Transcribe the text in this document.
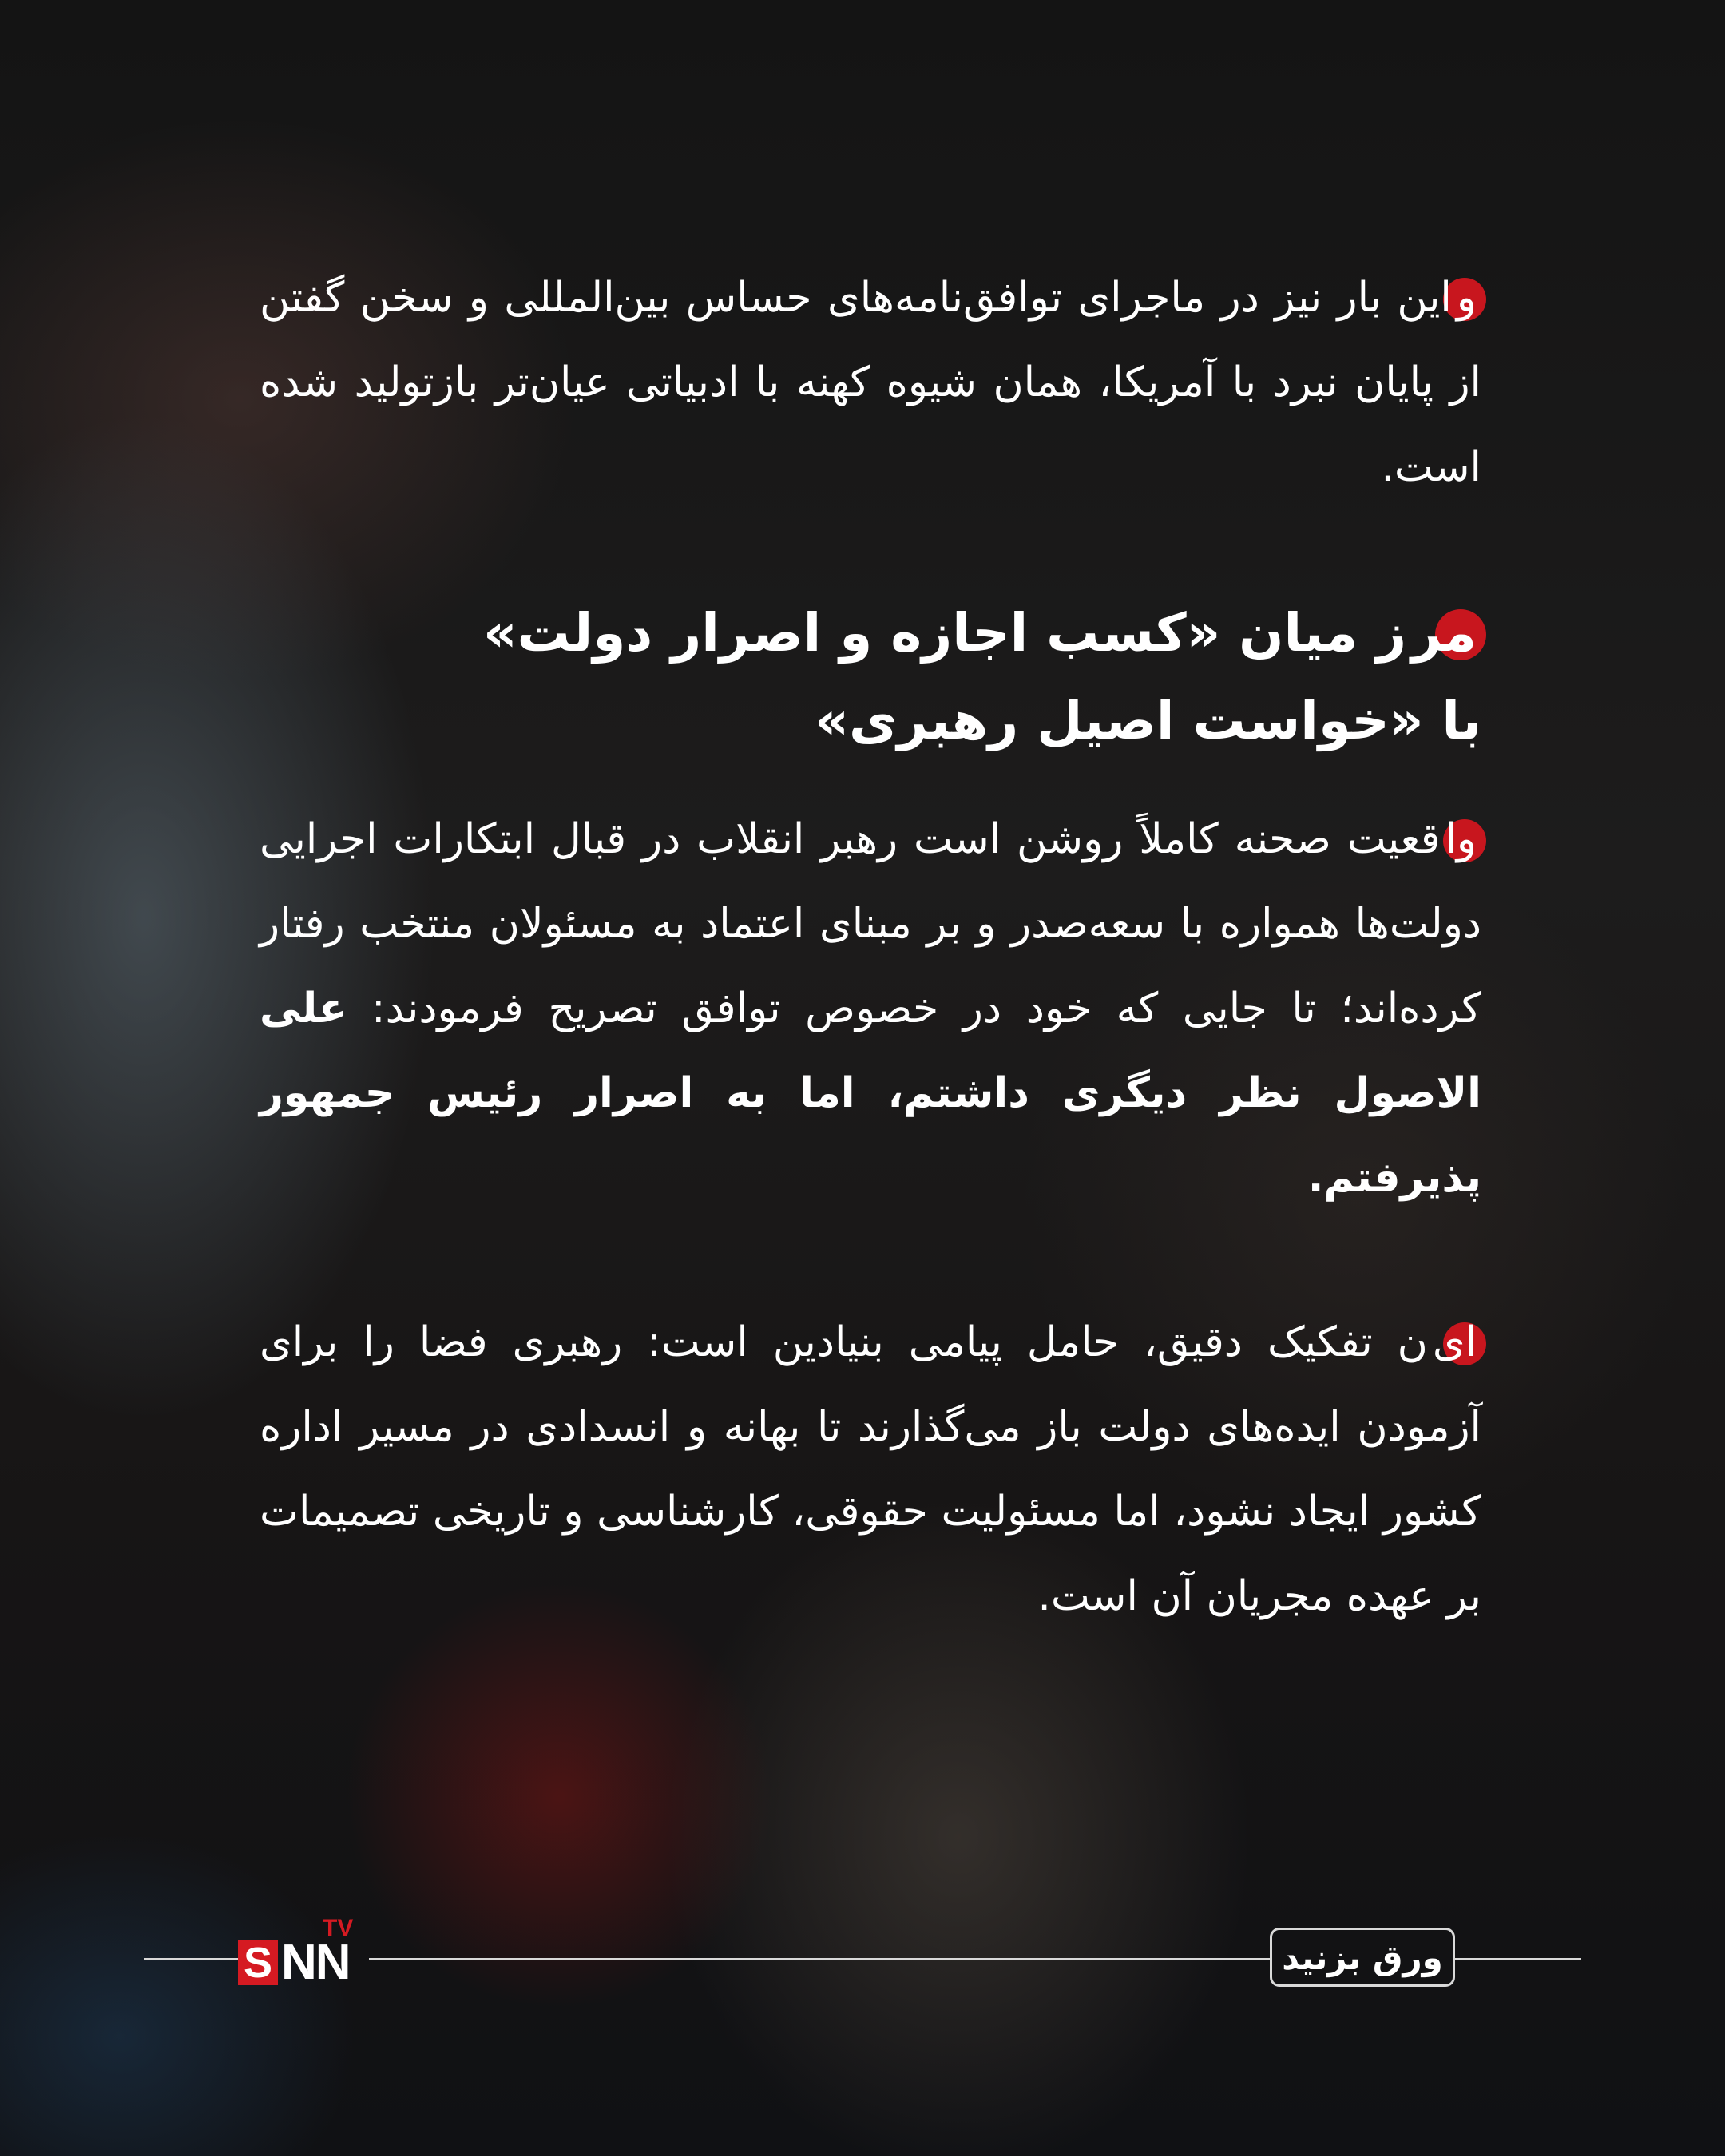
واین بار نیز در ماجرای توافق‌نامه‌های حساس بین‌المللی و سخن گفتن از پایان نبرد با آمریکا، همان شیوه کهنه با ادبیاتی عیان‌تر بازتولید شده است.

مرز میان «کسب اجازه و اصرار دولت»
با «خواست اصیل رهبری»

واقعیت صحنه کاملاً روشن است رهبر انقلاب در قبال ابتکارات اجرایی دولت‌ها همواره با سعه‌صدر و بر مبنای اعتماد به مسئولان منتخب رفتار کرده‌اند؛ تا جایی که خود در خصوص توافق تصریح فرمودند: علی الاصول نظر دیگری داشتم، اما به اصرار رئیس جمهور پذیرفتم.

این تفکیک دقیق، حامل پیامی بنیادین است: رهبری فضا را برای آزمودن ایده‌های دولت باز می‌گذارند تا بهانه و انسدادی در مسیر اداره کشور ایجاد نشود، اما مسئولیت حقوقی، کارشناسی و تاریخی تصمیمات بر عهده مجریان آن است.

S NN
TV
ورق بزنید
